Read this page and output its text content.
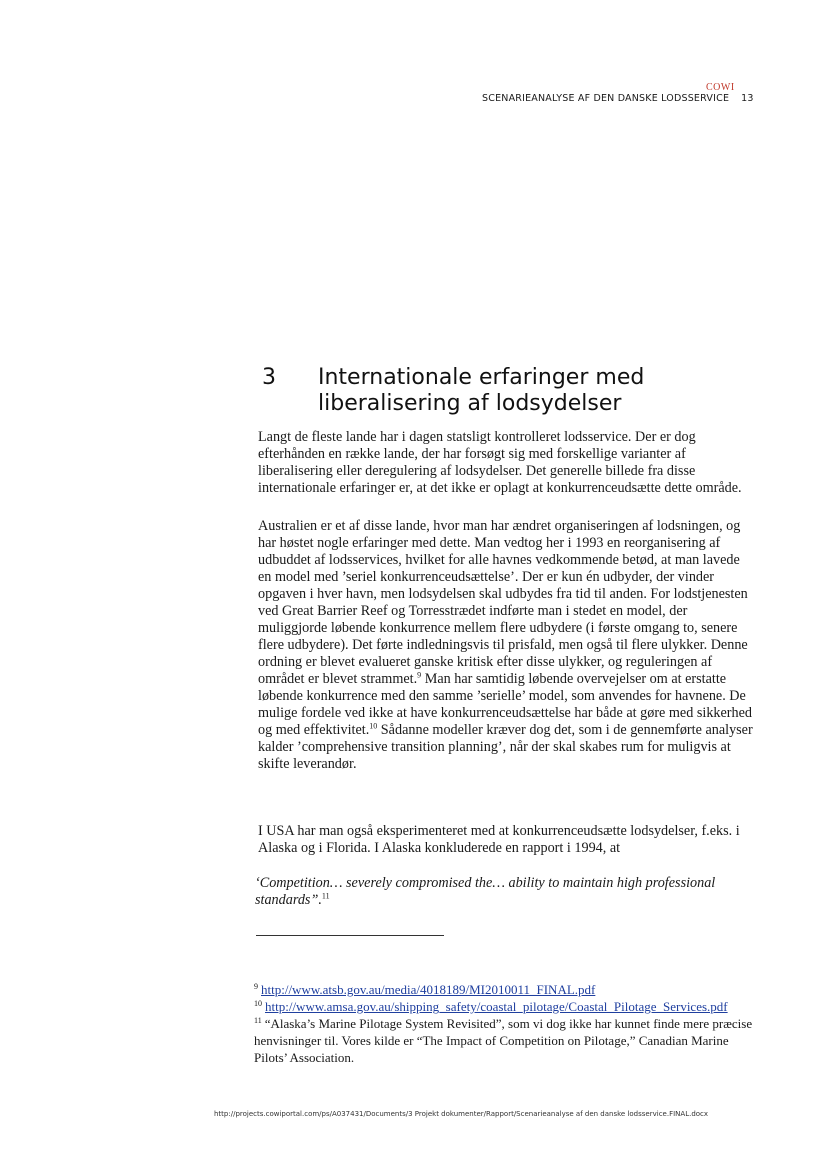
COWI
SCENARIEANALYSE AF DEN DANSKE LODSSERVICE 13
3 Internationale erfaringer med liberalisering af lodsydelser

Langt de fleste lande har i dagen statsligt kontrolleret lodsservice. Der er dog efterhånden en række lande, der har forsøgt sig med forskellige varianter af liberalisering eller deregulering af lodsydelser. Det generelle billede fra disse internationale erfaringer er, at det ikke er oplagt at konkurrenceudsætte dette område.

Australien er et af disse lande, hvor man har ændret organiseringen af lodsningen, og har høstet nogle erfaringer med dette. Man vedtog her i 1993 en reorganisering af udbuddet af lodsservices, hvilket for alle havnes vedkommende betød, at man lavede en model med ’seriel konkurrenceudsættelse’. Der er kun én udbyder, der vinder opgaven i hver havn, men lodsydelsen skal udbydes fra tid til anden. For lodstjenesten ved Great Barrier Reef og Torresstrædet indførte man i stedet en model, der muliggjorde løbende konkurrence mellem flere udbydere (i første omgang to, senere flere udbydere). Det førte indledningsvis til prisfald, men også til flere ulykker. Denne ordning er blevet evalueret ganske kritisk efter disse ulykker, og reguleringen af området er blevet strammet.$^9$ Man har samtidig løbende overvejelser om at erstatte løbende konkurrence med den samme ’serielle’ model, som anvendes for havnene. De mulige fordele ved ikke at have konkurrenceudsættelse har både at gøre med sikkerhed og med effektivitet.$^{10}$ Sådanne modeller kræver dog det, som i de gennemførte analyser kalder ’comprehensive transition planning’, når der skal skabes rum for muligvis at skifte leverandør.

I USA har man også eksperimenteret med at konkurrenceudsætte lodsydelser, f.eks. i Alaska og i Florida. I Alaska konkluderede en rapport i 1994, at

‘Competition… severely compromised the… ability to maintain high professional standards”.$^{11}$

$^9$ http://www.atsb.gov.au/media/4018189/MI2010011_FINAL.pdf

$^{10}$ http://www.amsa.gov.au/shipping_safety/coastal_pilotage/Coastal_Pilotage_Services.pdf

$^{11}$ “Alaska’s Marine Pilotage System Revisited”, som vi dog ikke har kunnet finde mere præcise henvisninger til. Vores kilde er “The Impact of Competition on Pilotage,” Canadian Marine Pilots’ Association.

http://projects.cowiportal.com/ps/A037431/Documents/3 Projekt dokumenter/Rapport/Scenarieanalyse af den danske lodsservice.FINAL.docx
